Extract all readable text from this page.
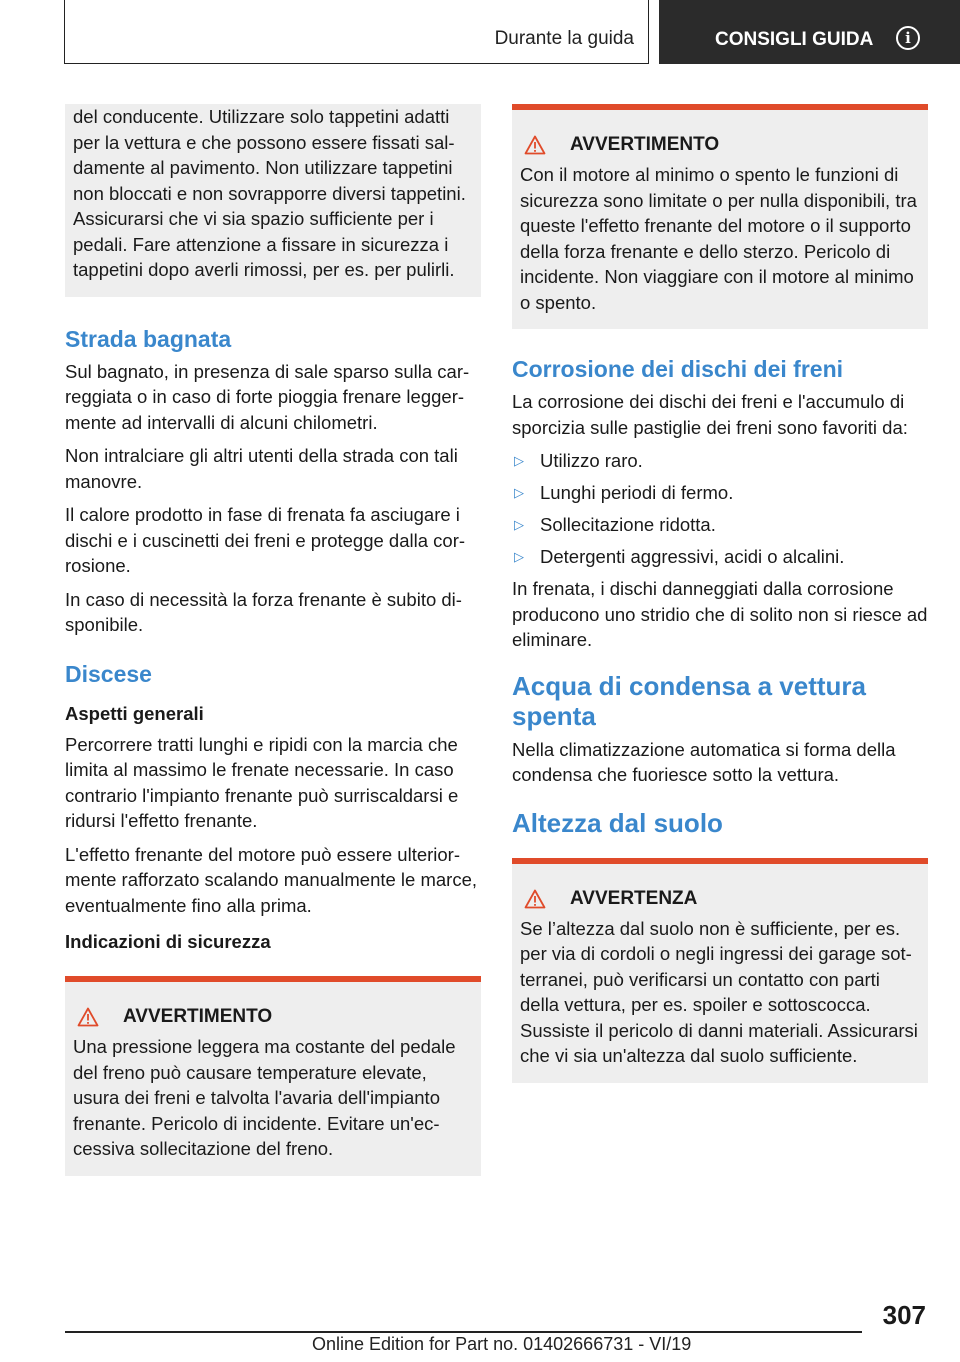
Durante la guida	CONSIGLI GUIDA	i

del conducente. Utilizzare solo tappetini adatti per la vettura e che possono essere fissati saldamente al pavimento. Non utilizzare tappetini non bloccati e non sovrapporre diversi tappetini. Assicurarsi che vi sia spazio sufficiente per i pedali. Fare attenzione a fissare in sicurezza i tappetini dopo averli rimossi, per es. per pulirli.

Strada bagnata

Sul bagnato, in presenza di sale sparso sulla carreggiata o in caso di forte pioggia frenare leggermente ad intervalli di alcuni chilometri.

Non intralciare gli altri utenti della strada con tali manovre.

Il calore prodotto in fase di frenata fa asciugare i dischi e i cuscinetti dei freni e protegge dalla corrosione.

In caso di necessità la forza frenante è subito disponibile.

Discese
Aspetti generali

Percorrere tratti lunghi e ripidi con la marcia che limita al massimo le frenate necessarie. In caso contrario l'impianto frenante può surriscaldarsi e ridursi l'effetto frenante.

L'effetto frenante del motore può essere ulteriormente rafforzato scalando manualmente le marce, eventualmente fino alla prima.

Indicazioni di sicurezza
AVVERTIMENTO

Una pressione leggera ma costante del pedale del freno può causare temperature elevate, usura dei freni e talvolta l'avaria dell'impianto frenante. Pericolo di incidente. Evitare un'eccessiva sollecitazione del freno.

AVVERTIMENTO

Con il motore al minimo o spento le funzioni di sicurezza sono limitate o per nulla disponibili, tra queste l'effetto frenante del motore o il supporto della forza frenante e dello sterzo. Pericolo di incidente. Non viaggiare con il motore al minimo o spento.

Corrosione dei dischi dei freni

La corrosione dei dischi dei freni e l'accumulo di sporcizia sulle pastiglie dei freni sono favoriti da:

▷ Utilizzo raro.
▷ Lunghi periodi di fermo.
▷ Sollecitazione ridotta.
▷ Detergenti aggressivi, acidi o alcalini.

In frenata, i dischi danneggiati dalla corrosione producono uno stridio che di solito non si riesce ad eliminare.

Acqua di condensa a vettura spenta

Nella climatizzazione automatica si forma della condensa che fuoriesce sotto la vettura.

Altezza dal suolo
AVVERTENZA

Se l’altezza dal suolo non è sufficiente, per es. per via di cordoli o negli ingressi dei garage sotterranei, può verificarsi un contatto con parti della vettura, per es. spoiler e sottoscocca. Sussiste il pericolo di danni materiali. Assicurarsi che vi sia un'altezza dal suolo sufficiente.

307
Online Edition for Part no. 01402666731 - VI/19
